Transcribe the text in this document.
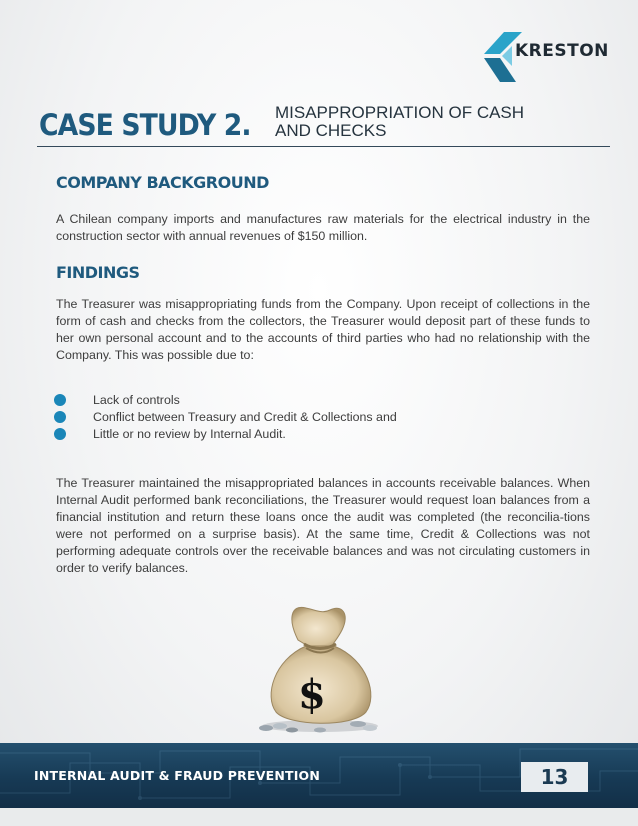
KRESTON
CASE STUDY 2. MISAPPROPRIATION OF CASH
AND CHECKS
COMPANY BACKGROUND

A Chilean company imports and manufactures raw materials for the electrical industry in the construction sector with annual revenues of $150 million.

FINDINGS

The Treasurer was misappropriating funds from the Company. Upon receipt of collections in the form of cash and checks from the collectors, the Treasurer would deposit part of these funds to her own personal account and to the accounts of third parties who had no relationship with the Company. This was possible due to:

Lack of controls
Conflict between Treasury and Credit & Collections and
Little or no review by Internal Audit.

The Treasurer maintained the misappropriated balances in accounts receivable balances. When Internal Audit performed bank reconciliations, the Treasurer would request loan balances from a financial institution and return these loans once the audit was completed (the reconcilia-tions were not performed on a surprise basis). At the same time, Credit & Collections was not performing adequate controls over the receivable balances and was not circulating customers in order to verify balances.

$
INTERNAL AUDIT & FRAUD PREVENTION	13
